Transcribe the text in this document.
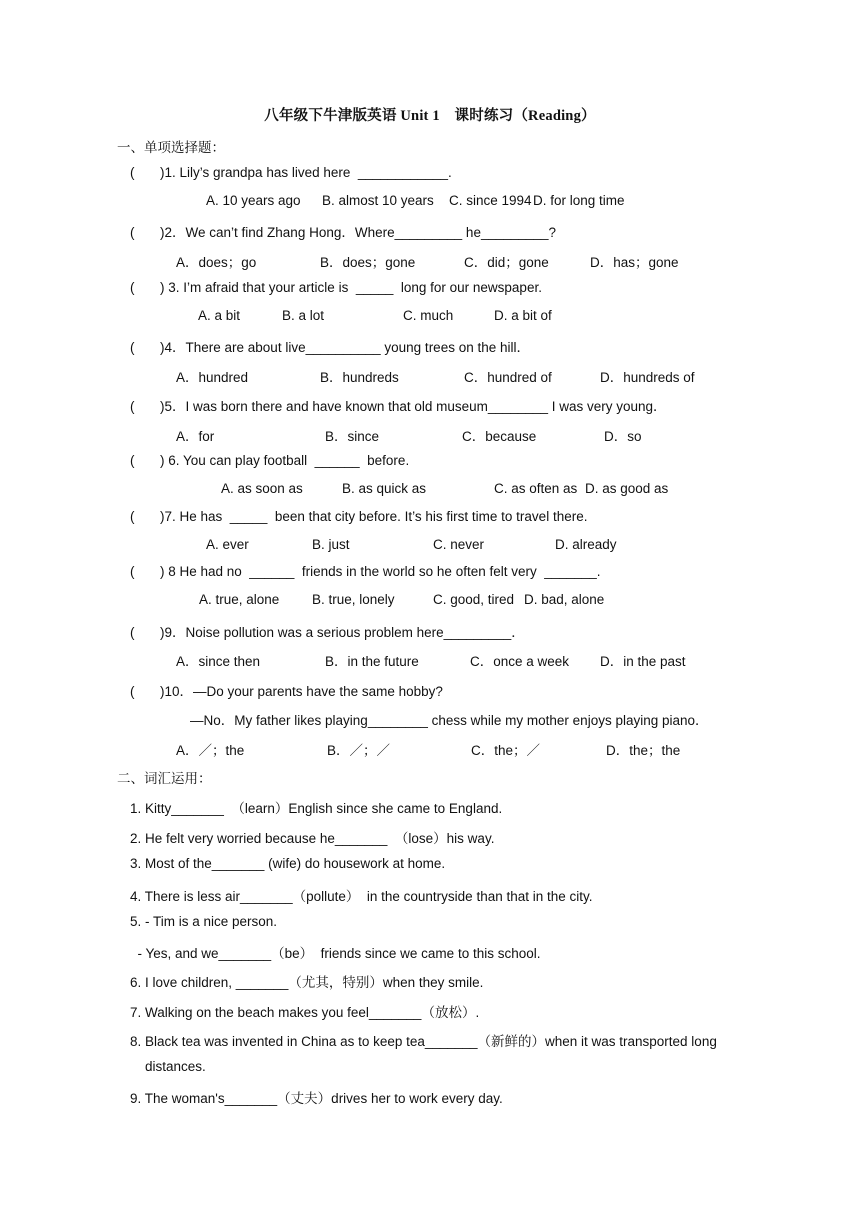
八年级下牛津版英语 Unit 1　课时练习（Reading）
一、单项选择题：
( )1. Lily’s grandpa has lived here  ____________.
A. 10 years ago B. almost 10 years C. since 1994 D. for long time
( )2．We can’t find Zhang Hong．Where_________ he_________?
A．does；go	B．does；gone	C．did；gone	D．has；gone
( ) 3. I’m afraid that your article is  _____  long for our newspaper.
A. a bit	B. a lot	C. much	D. a bit of
( )4．There are about live__________ young trees on the hill．
A．hundred	B．hundreds	C．hundred of	D．hundreds of
( )5．I was born there and have known that old museum________ I was very young．
A．for	B．since	C．because	D．so
( ) 6. You can play football  ______  before.
A. as soon as	B. as quick as	C. as often as D. as good as
( )7. He has  _____  been that city before. It’s his first time to travel there.
A. ever	B. just	C. never	D. already
( ) 8 He had no  ______  friends in the world so he often felt very  _______.
A. true, alone B. true, lonely	C. good, tired D. bad, alone
( )9．Noise pollution was a serious problem here_________．
A．since then	B．in the future	C．once a week D．in the past
( )10．—Do your parents have the same hobby?
—No．My father likes playing________ chess while my mother enjoys playing piano．
A．／；the	B．／；／	C．the；／	D．the；the
二、词汇运用：
1. Kitty_______  （learn）English since she came to England.
2. He felt very worried because he_______  （lose）his way.
3. Most of the_______ (wife) do housework at home.
4. There is less air_______（pollute）  in the countryside than that in the city.
5. - Tim is a nice person.
- Yes, and we_______（be）  friends since we came to this school.
6. I love children, _______（尤其，特别）when they smile.
7. Walking on the beach makes you feel_______（放松）.
8. Black tea was invented in China as to keep tea_______（新鲜的）when it was transported long
distances.
9. The woman's_______（丈夫）drives her to work every day.
